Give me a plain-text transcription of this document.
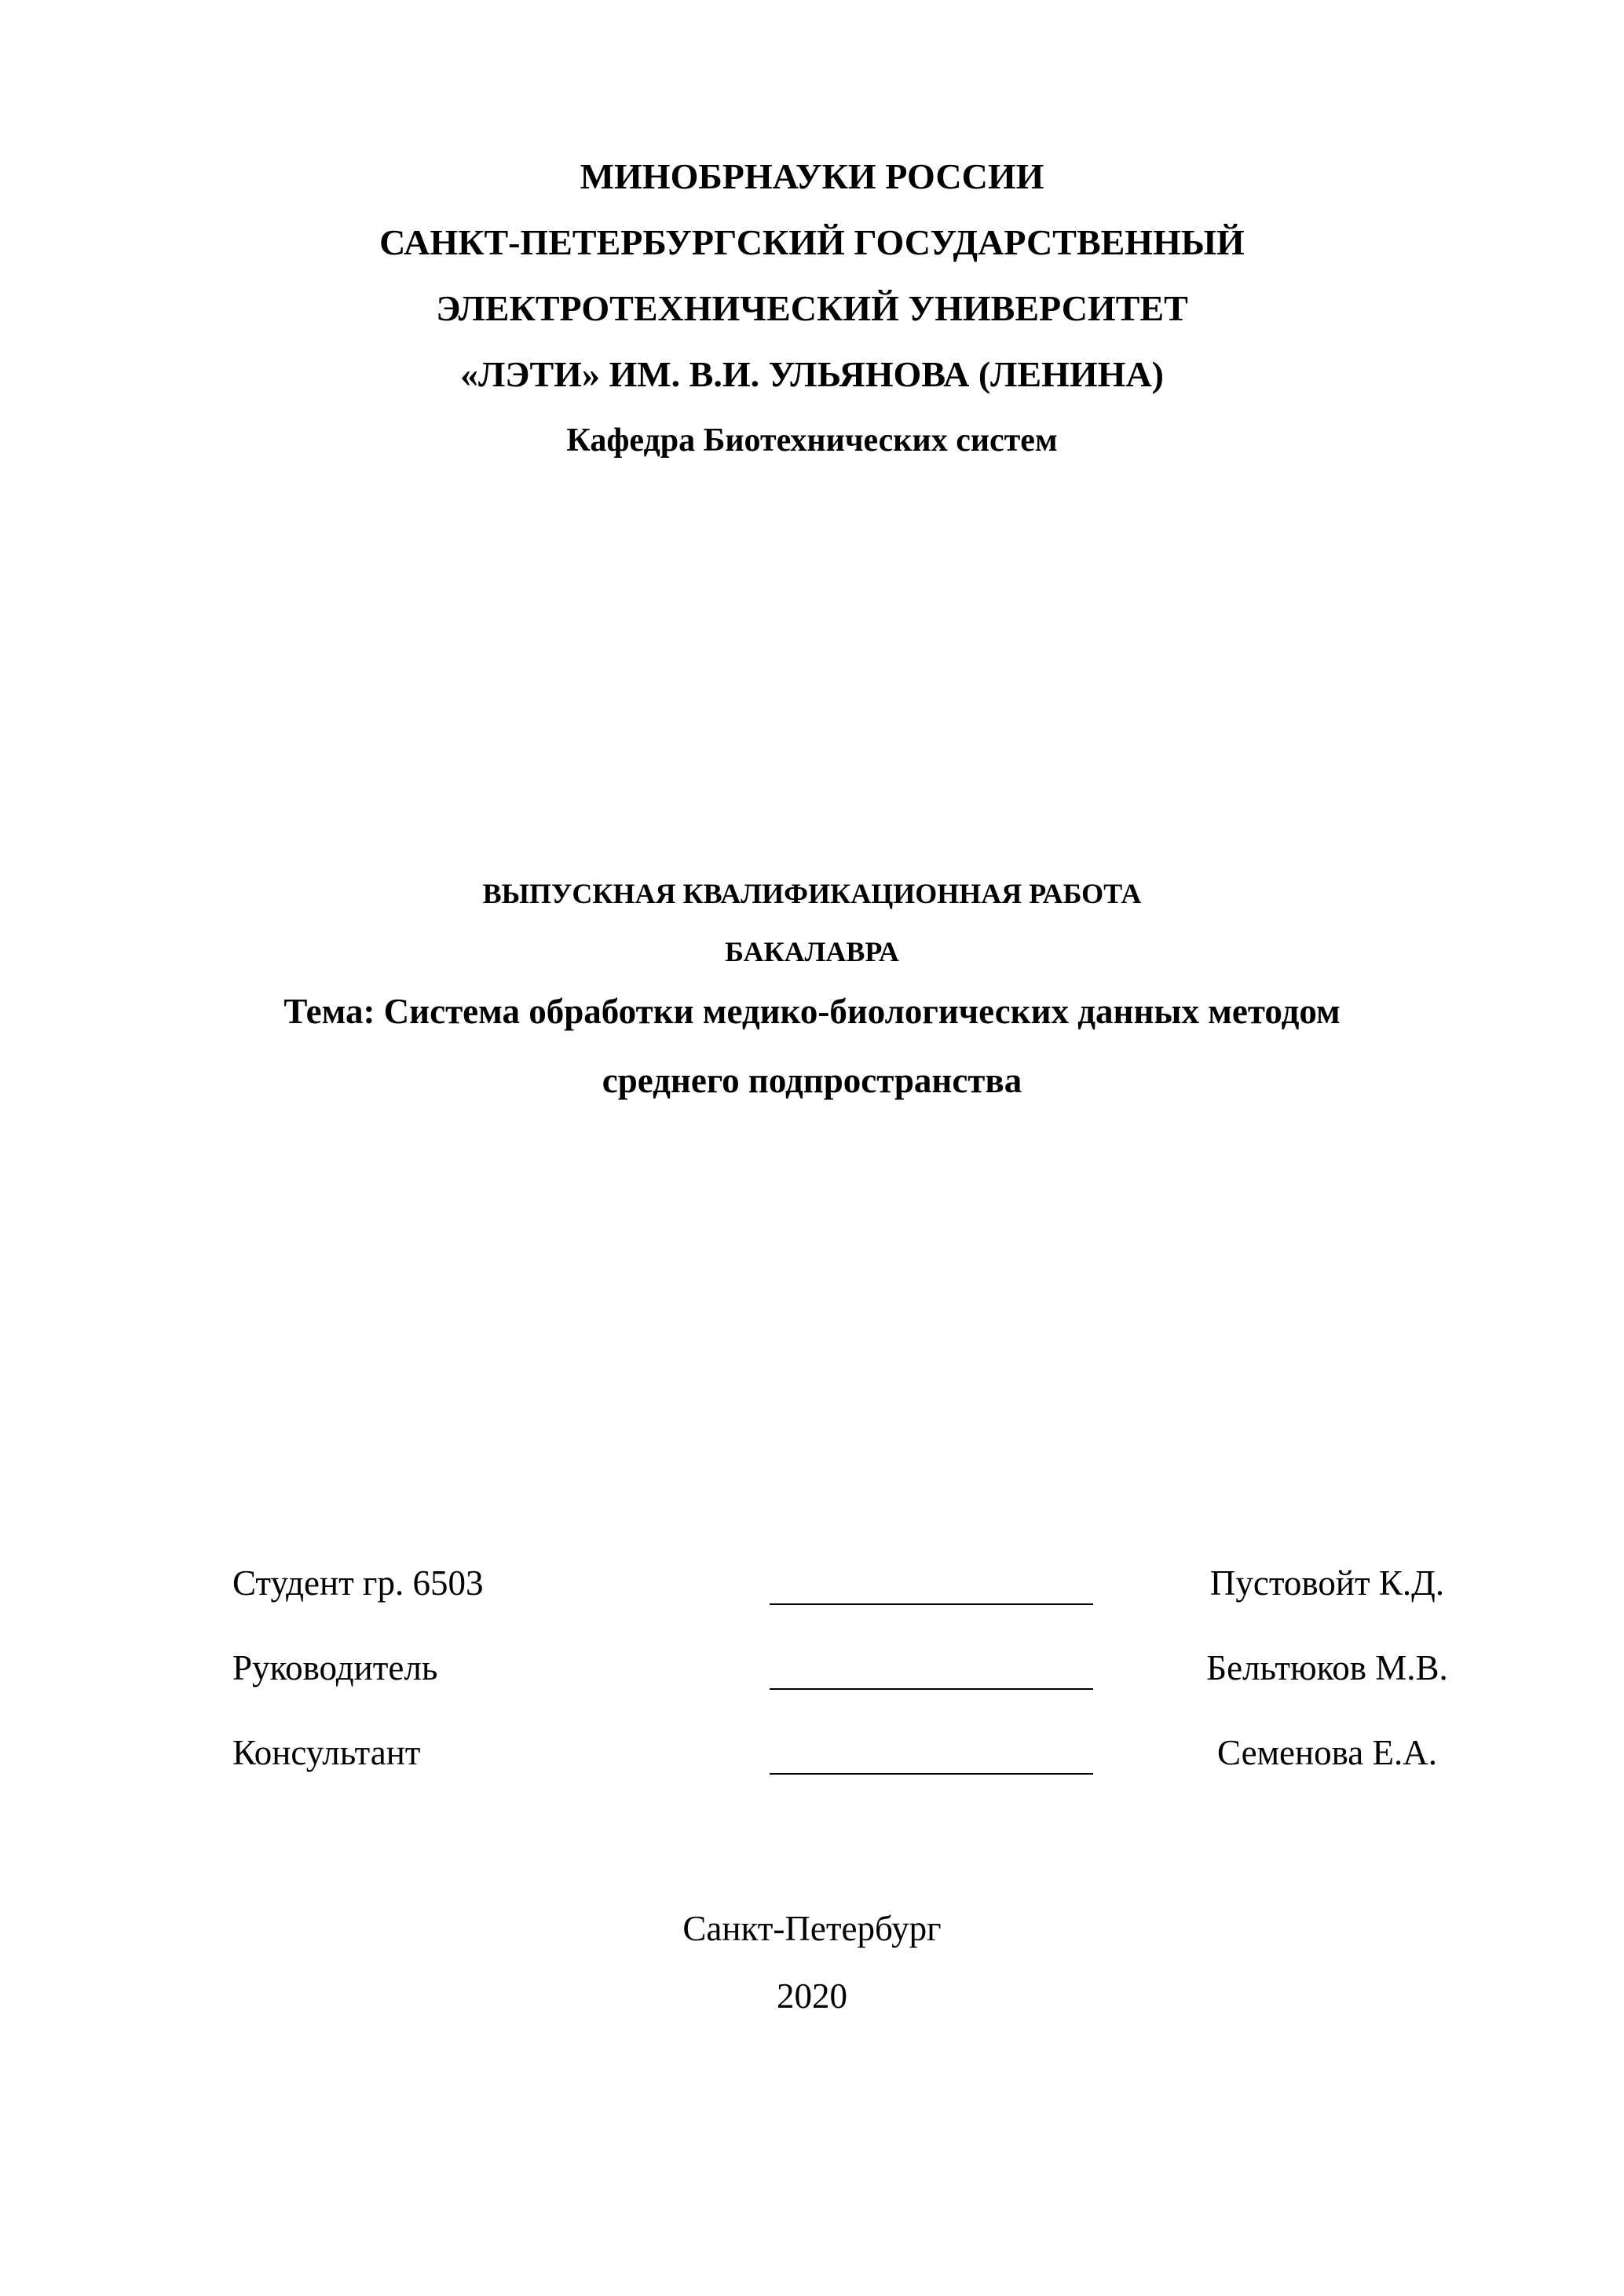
МИНОБРНАУКИ РОССИИ
САНКТ-ПЕТЕРБУРГСКИЙ ГОСУДАРСТВЕННЫЙ
ЭЛЕКТРОТЕХНИЧЕСКИЙ УНИВЕРСИТЕТ
«ЛЭТИ» ИМ. В.И. УЛЬЯНОВА (ЛЕНИНА)
Кафедра Биотехнических систем
ВЫПУСКНАЯ КВАЛИФИКАЦИОННАЯ РАБОТА
БАКАЛАВРА
Тема: Система обработки медико-биологических данных методом
среднего подпространства
Студент гр. 6503	Пустовойт К.Д.
Руководитель	Бельтюков М.В.
Консультант	Семенова Е.А.
Санкт-Петербург
2020
